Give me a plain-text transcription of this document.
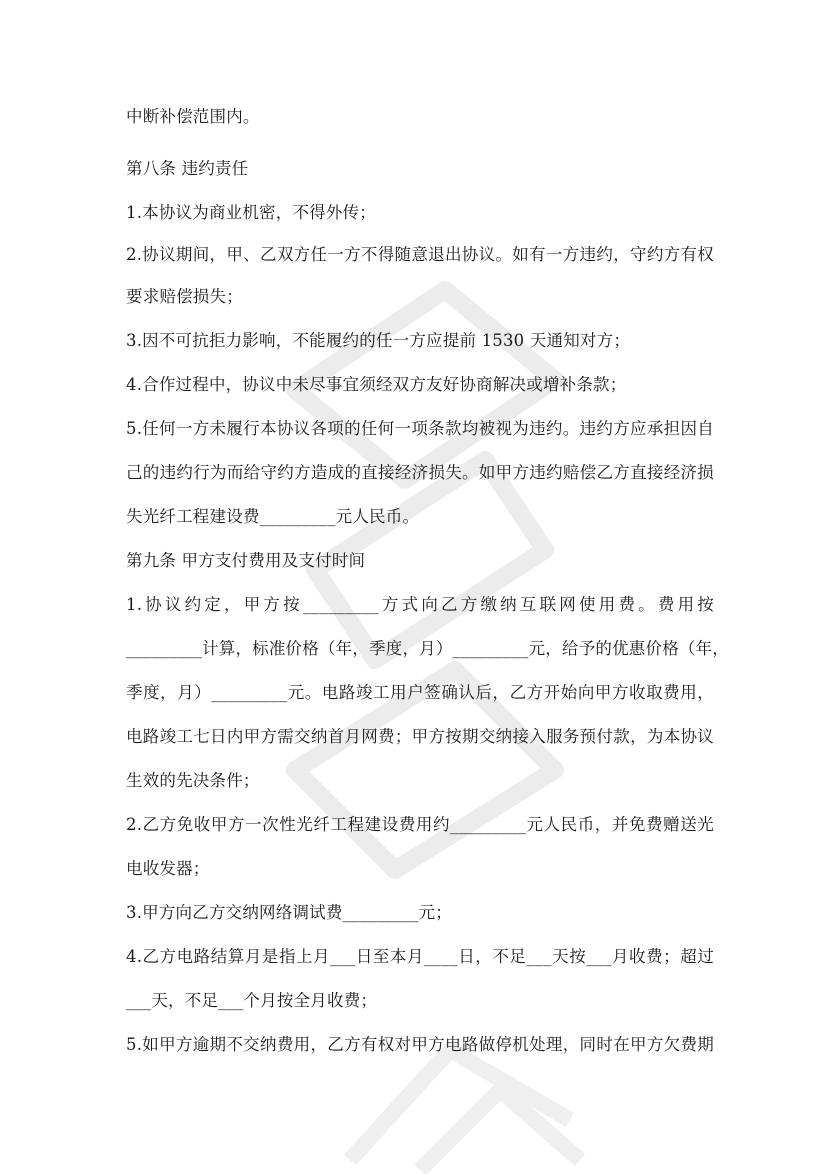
中断补偿范围内。
第八条 违约责任
1.本协议为商业机密，不得外传；
2.协议期间，甲、乙双方任一方不得随意退出协议。如有一方违约，守约方有权
要求赔偿损失；
3.因不可抗拒力影响，不能履约的任一方应提前 1530 天通知对方；
4.合作过程中，协议中未尽事宜须经双方友好协商解决或增补条款；
5.任何一方未履行本协议各项的任何一项条款均被视为违约。违约方应承担因自
己的违约行为而给守约方造成的直接经济损失。如甲方违约赔偿乙方直接经济损
失光纤工程建设费_________元人民币。
第九条 甲方支付费用及支付时间
1.协议约定，甲方按_________方式向乙方缴纳互联网使用费。费用按
_________计算，标准价格（年，季度，月）_________元，给予的优惠价格（年，
季度，月）_________元。电路竣工用户签确认后，乙方开始向甲方收取费用，
电路竣工七日内甲方需交纳首月网费；甲方按期交纳接入服务预付款，为本协议
生效的先决条件；
2.乙方免收甲方一次性光纤工程建设费用约_________元人民币，并免费赠送光
电收发器；
3.甲方向乙方交纳网络调试费_________元；
4.乙方电路结算月是指上月___日至本月____日，不足___天按___月收费；超过
___天，不足___个月按全月收费；
5.如甲方逾期不交纳费用，乙方有权对甲方电路做停机处理，同时在甲方欠费期
